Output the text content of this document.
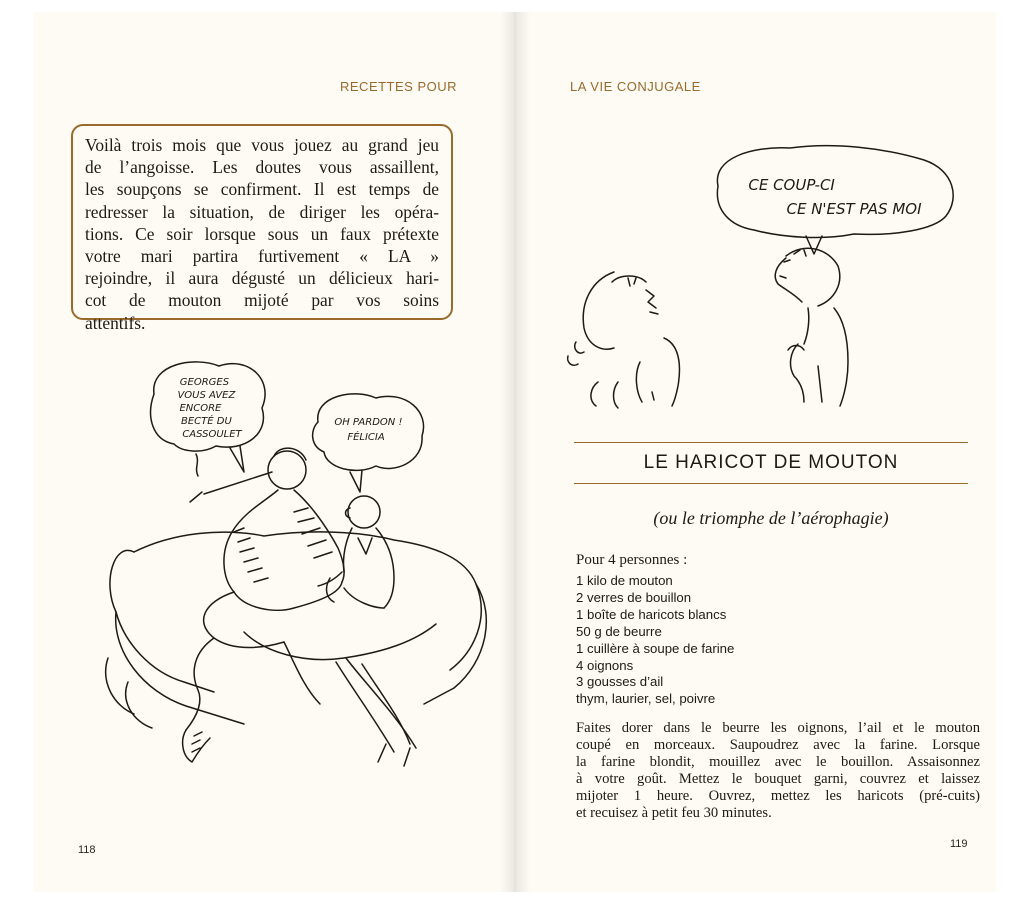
RECETTES POUR
Voilà trois mois que vous jouez au grand jeu
de l’angoisse. Les doutes vous assaillent,
les soupçons se confirment. Il est temps de
redresser la situation, de diriger les opéra-
tions. Ce soir lorsque sous un faux prétexte
votre mari partira furtivement « LA »
rejoindre, il aura dégusté un délicieux hari-
cot de mouton mijoté par vos soins
attentifs.
GEORGES VOUS AVEZ ENCORE BECTÉ DU CASSOULET
OH PARDON ! FÉLICIA
118
LA VIE CONJUGALE
CE COUP-CI CE N'EST PAS MOI
LE HARICOT DE MOUTON
(ou le triomphe de l’aérophagie)
Pour 4 personnes :
1 kilo de mouton
2 verres de bouillon
1 boîte de haricots blancs
50 g de beurre
1 cuillère à soupe de farine
4 oignons
3 gousses d’ail
thym, laurier, sel, poivre
Faites dorer dans le beurre les oignons, l’ail et le mouton
coupé en morceaux. Saupoudrez avec la farine. Lorsque
la farine blondit, mouillez avec le bouillon. Assaisonnez
à votre goût. Mettez le bouquet garni, couvrez et laissez
mijoter 1 heure. Ouvrez, mettez les haricots (pré-cuits)
et recuisez à petit feu 30 minutes.
119
